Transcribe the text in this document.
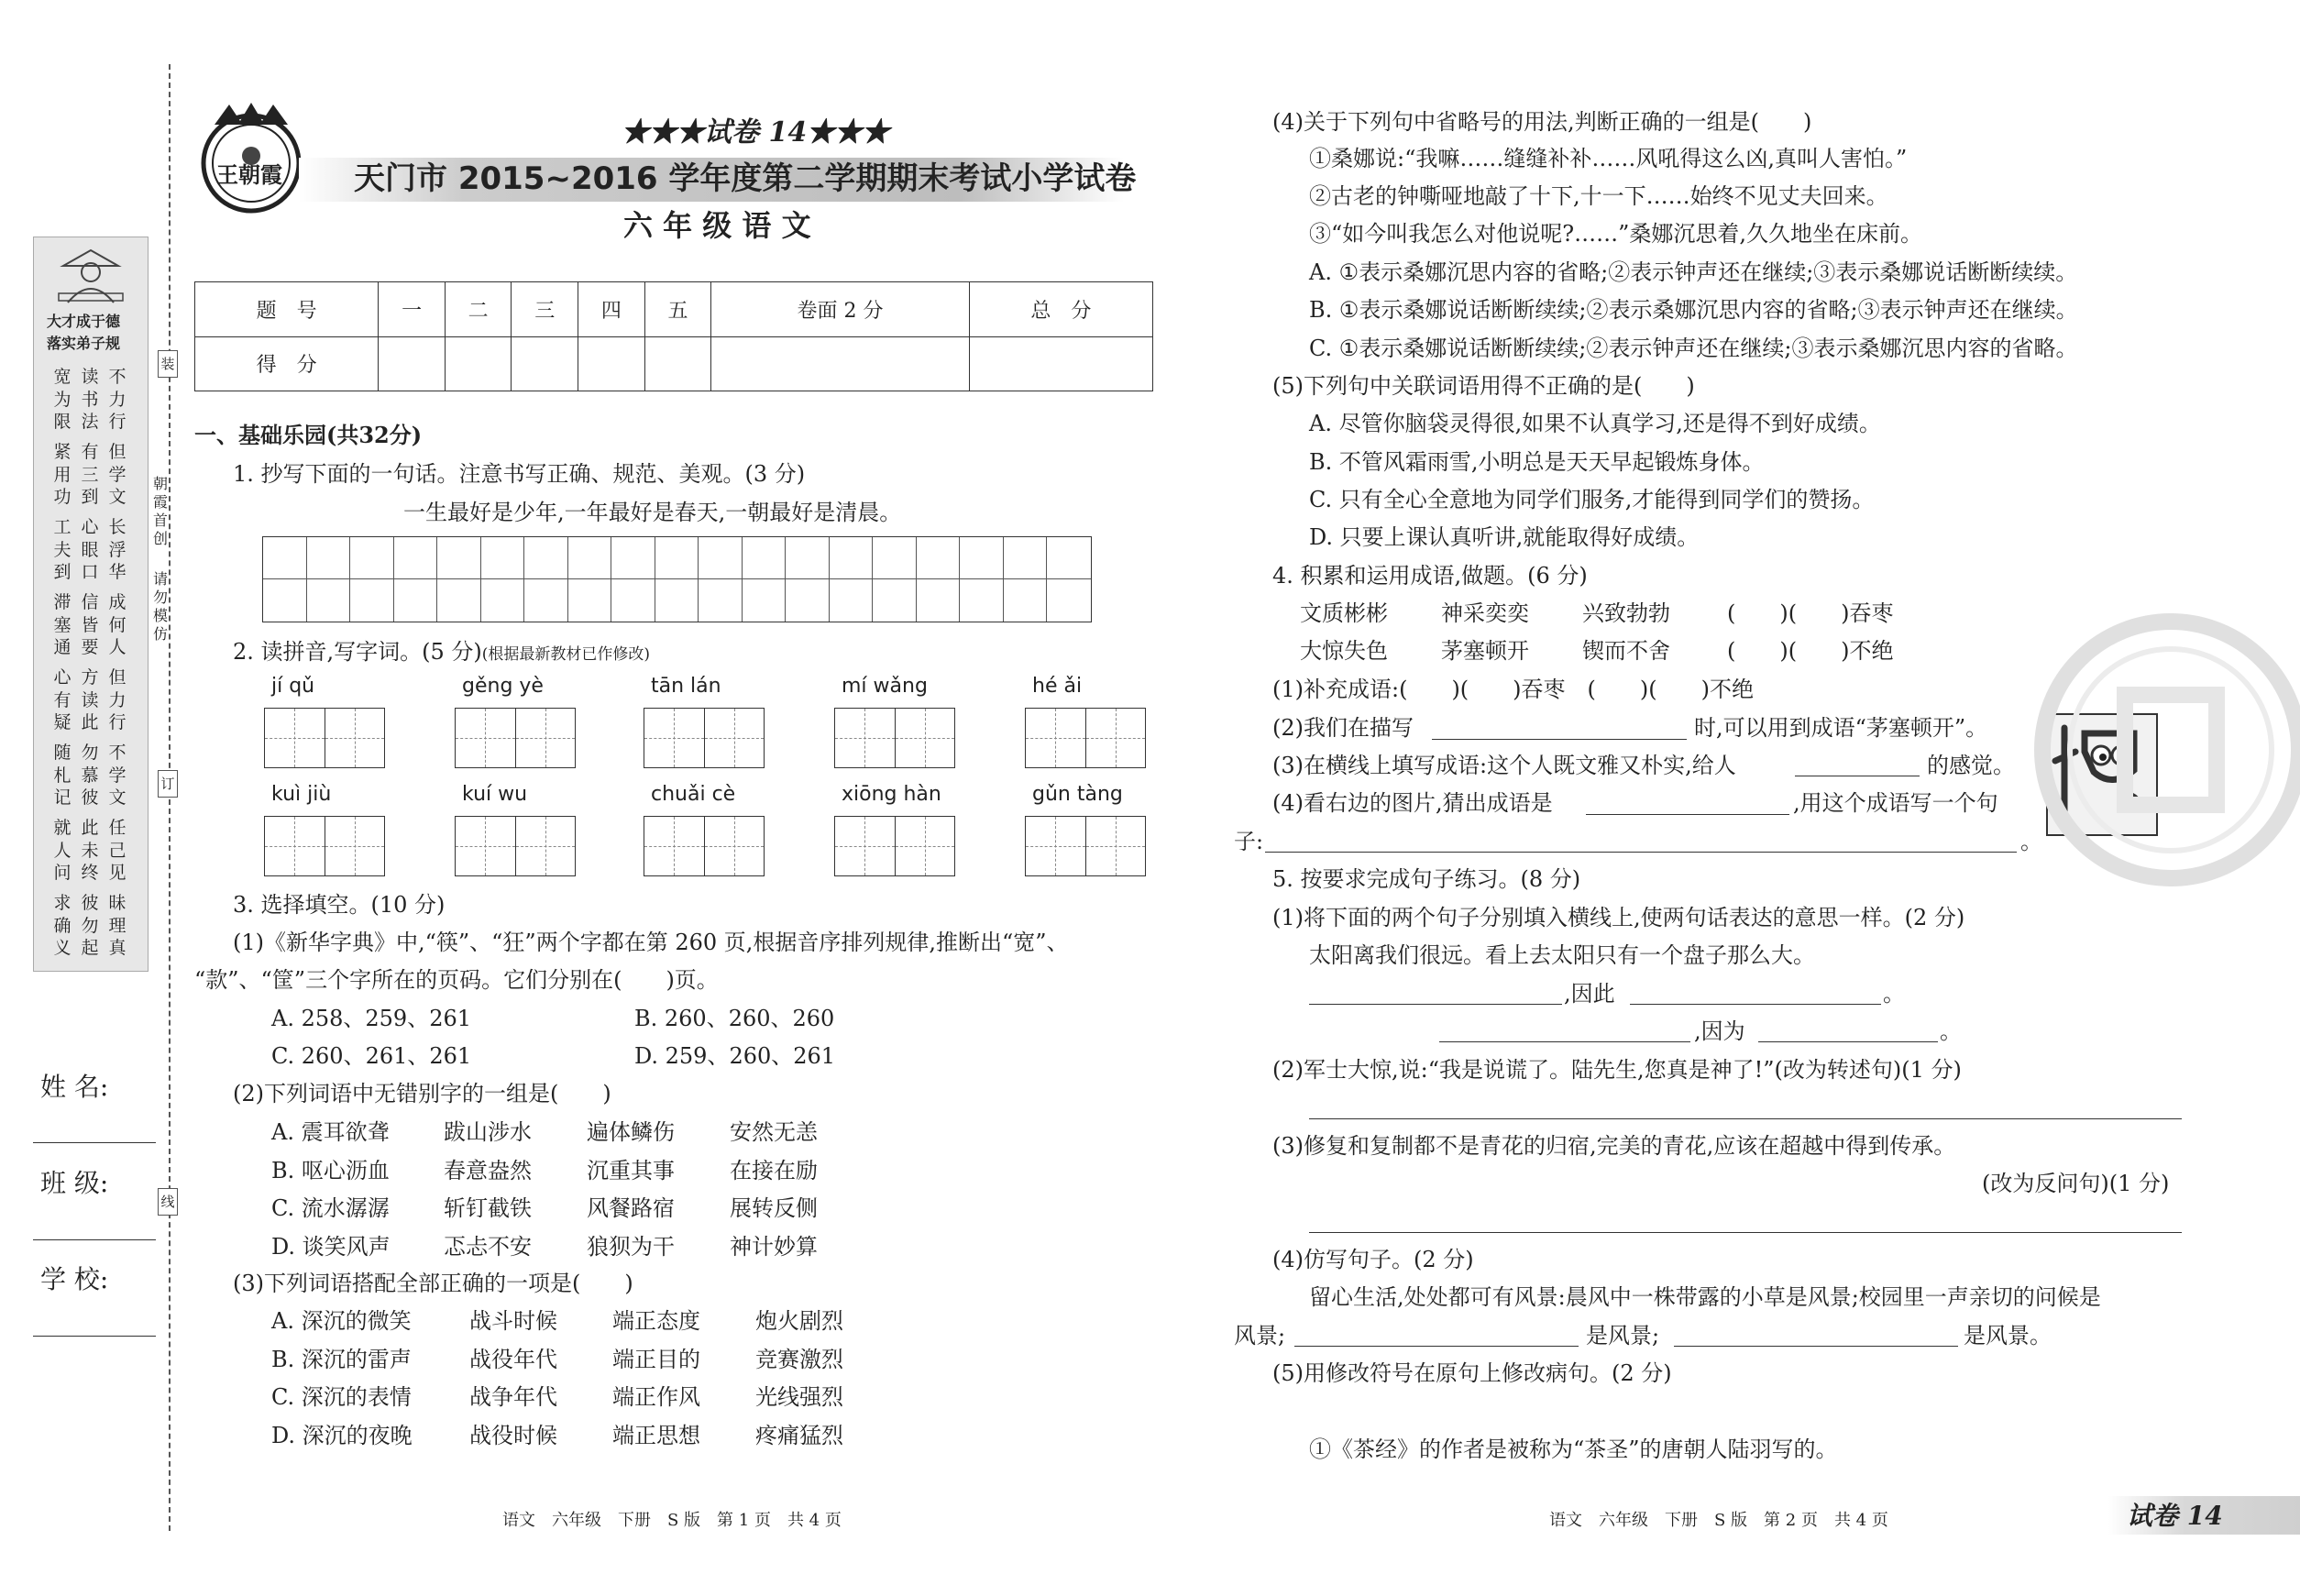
大才成于德
落实弟子规
宽为限
读书法
不力行
紧用功
有三到
但学文
工夫到
心眼口
长浮华
滞塞通
信皆要
成何人
心有疑
方读此
但力行
随札记
勿慕彼
不学文
就人问
此未终
任己见
求确义
彼勿起
昧理真
朝霞首创
请勿模仿
装
订
线
姓 名:
班 级:
学 校:
王朝霞
★★★试卷 14★★★
天门市 2015~2016 学年度第二学期期末考试小学试卷
六 年 级 语 文
题　号	一	二	三	四	五	卷面 2 分	总　分
得　分							
一、基础乐园(共32分)
1. 抄写下面的一句话。注意书写正确、规范、美观。(3 分)
一生最好是少年,一年最好是春天,一朝最好是清晨。
2. 读拼音,写字词。(5 分)(根据最新教材已作修改)
jí qǔ	gěng yè	tān lán	mí wǎng	hé ǎi
kuì jiù	kuí wu	chuǎi cè	xiōng hàn	gǔn tàng
3. 选择填空。(10 分)
(1)《新华字典》中,“筷”、“狂”两个字都在第 260 页,根据音序排列规律,推断出“宽”、
“款”、“筐”三个字所在的页码。它们分别在(　　)页。
A. 258、259、261	B. 260、260、260
C. 260、261、261	D. 259、260、261
(2)下列词语中无错别字的一组是(　　)
A. 震耳欲聋 跋山涉水	遍体鳞伤	安然无恙
B. 呕心沥血 春意盎然	沉重其事	在接在励
C. 流水潺潺 斩钉截铁	风餐路宿	展转反侧
D. 谈笑风声 忑忐不安	狼狈为干	神计妙算
(3)下列词语搭配全部正确的一项是(　　)
A. 深沉的微笑	战斗时候	端正态度	炮火剧烈
B. 深沉的雷声	战役年代	端正目的	竞赛激烈
C. 深沉的表情	战争年代	端正作风	光线强烈
D. 深沉的夜晚	战役时候	端正思想	疼痛猛烈
语文　六年级　下册　S 版　第 1 页　共 4 页
(4)关于下列句中省略号的用法,判断正确的一组是(　　)
①桑娜说:“我嘛……缝缝补补……风吼得这么凶,真叫人害怕。”
②古老的钟嘶哑地敲了十下,十一下……始终不见丈夫回来。
③“如今叫我怎么对他说呢?……”桑娜沉思着,久久地坐在床前。
A. ①表示桑娜沉思内容的省略;②表示钟声还在继续;③表示桑娜说话断断续续。
B. ①表示桑娜说话断断续续;②表示桑娜沉思内容的省略;③表示钟声还在继续。
C. ①表示桑娜说话断断续续;②表示钟声还在继续;③表示桑娜沉思内容的省略。
(5)下列句中关联词语用得不正确的是(　　)
A. 尽管你脑袋灵得很,如果不认真学习,还是得不到好成绩。
B. 不管风霜雨雪,小明总是天天早起锻炼身体。
C. 只有全心全意地为同学们服务,才能得到同学们的赞扬。
D. 只要上课认真听讲,就能取得好成绩。
4. 积累和运用成语,做题。(6 分)
文质彬彬 神采奕奕 兴致勃勃	(　　)(　　)吞枣
大惊失色 茅塞顿开 锲而不舍	(　　)(　　)不绝
(1)补充成语:(　　)(　　)吞枣　(　　)(　　)不绝
(2)我们在描写	时,可以用到成语“茅塞顿开”。
(3)在横线上填写成语:这个人既文雅又朴实,给人	的感觉。
(4)看右边的图片,猜出成语是	,用这个成语写一个句
子:	。
5. 按要求完成句子练习。(8 分)
(1)将下面的两个句子分别填入横线上,使两句话表达的意思一样。(2 分)
太阳离我们很远。看上去太阳只有一个盘子那么大。
,因此	。
,因为	。
(2)军士大惊,说:“我是说谎了。陆先生,您真是神了!”(改为转述句)(1 分)
(3)修复和复制都不是青花的归宿,完美的青花,应该在超越中得到传承。
(改为反问句)(1 分)
(4)仿写句子。(2 分)
留心生活,处处都可有风景:晨风中一株带露的小草是风景;校园里一声亲切的问候是
风景;	是风景;	是风景。
(5)用修改符号在原句上修改病句。(2 分)
①《茶经》的作者是被称为“茶圣”的唐朝人陆羽写的。
语文　六年级　下册　S 版　第 2 页　共 4 页	试卷 14
